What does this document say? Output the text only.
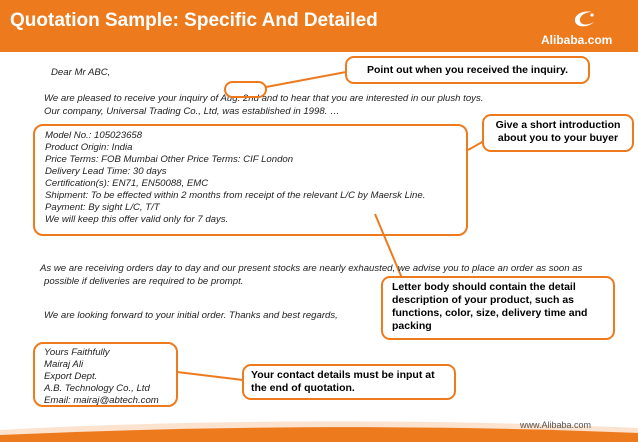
Quotation Sample: Specific And Detailed
Alibaba.com
Dear Mr ABC,
We are pleased to receive your inquiry of Aug. 2nd and to hear that you are interested in our plush toys.
Our company, Universal Trading Co., Ltd, was established in 1998. …
Model No.: 105023658
Product Origin: India
Price Terms: FOB Mumbai Other Price Terms: CIF London
Delivery Lead Time: 30 days
Certification(s): EN71, EN50088, EMC
Shipment: To be effected within 2 months from receipt of the relevant L/C by Maersk Line.
Payment: By sight L/C, T/T
We will keep this offer valid only for 7 days.
As we are receiving orders day to day and our present stocks are nearly exhausted, we advise you to place an order as soon as
possible if deliveries are required to be prompt.
We are looking forward to your initial order. Thanks and best regards,
Yours Faithfully
Mairaj Ali
Export Dept.
A.B. Technology Co., Ltd
Email: mairaj@abtech.com
Point out when you received the inquiry.
Give a short introduction
about you to your buyer
Letter body should contain the detail
description of your product, such as
functions, color, size, delivery time and
packing
Your contact details must be input at
the end of quotation.
www.Alibaba.com
